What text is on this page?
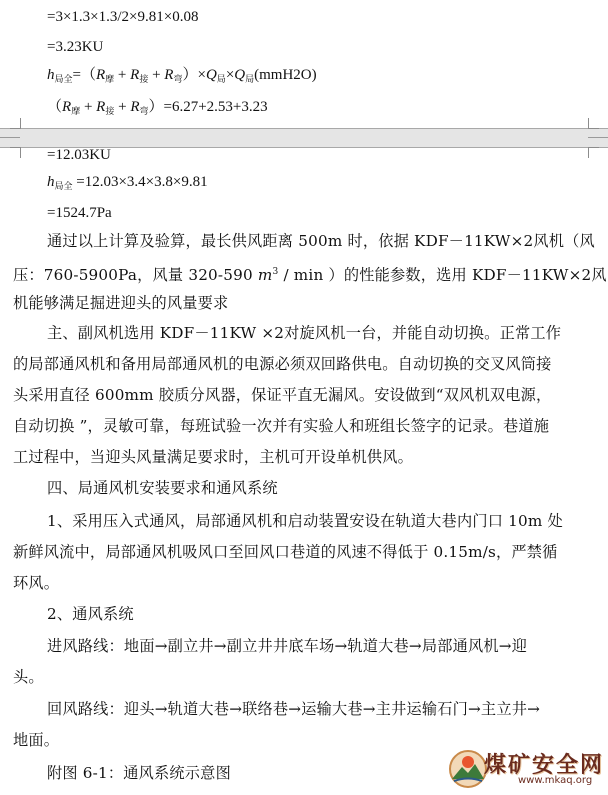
=3×1.3×1.3/2×9.81×0.08
=3.23KU
$h_{局全}=(R_摩 + R_接 + R_弯)\times Q_局\times Q_局(mmH2O)$
$(R_摩 + R_接 + R_弯)=6.27+2.53+3.23$
=12.03KU
$h_{局全} =12.03\times 3.4\times 3.8\times 9.81$
=1524.7Pa
通过以上计算及验算，最长供风距离 500m 时，依据 KDF－11KW×2风机（风
压：760-5900Pa，风量 320-590 $m^3$ / min ）的性能参数，选用 KDF－11KW×2风
机能够满足掘进迎头的风量要求
主、副风机选用 KDF－11KW ×2对旋风机一台，并能自动切换。正常工作
的局部通风机和备用局部通风机的电源必须双回路供电。自动切换的交叉风筒接
头采用直径 600mm 胶质分风器，保证平直无漏风。安设做到“双风机双电源，
自动切换 ”，灵敏可靠，每班试验一次并有实验人和班组长签字的记录。巷道施
工过程中，当迎头风量满足要求时，主机可开设单机供风。
四、局通风机安装要求和通风系统
1、采用压入式通风，局部通风机和启动装置安设在轨道大巷内门口 10m 处
新鲜风流中，局部通风机吸风口至回风口巷道的风速不得低于 0.15m/s，严禁循
环风。
2、通风系统
进风路线：地面→副立井→副立井井底车场→轨道大巷→局部通风机→迎
头。
回风路线：迎头→轨道大巷→联络巷→运输大巷→主井运输石门→主立井→
地面。
附图 6-1：通风系统示意图	煤矿安全网
www.mkaq.org
